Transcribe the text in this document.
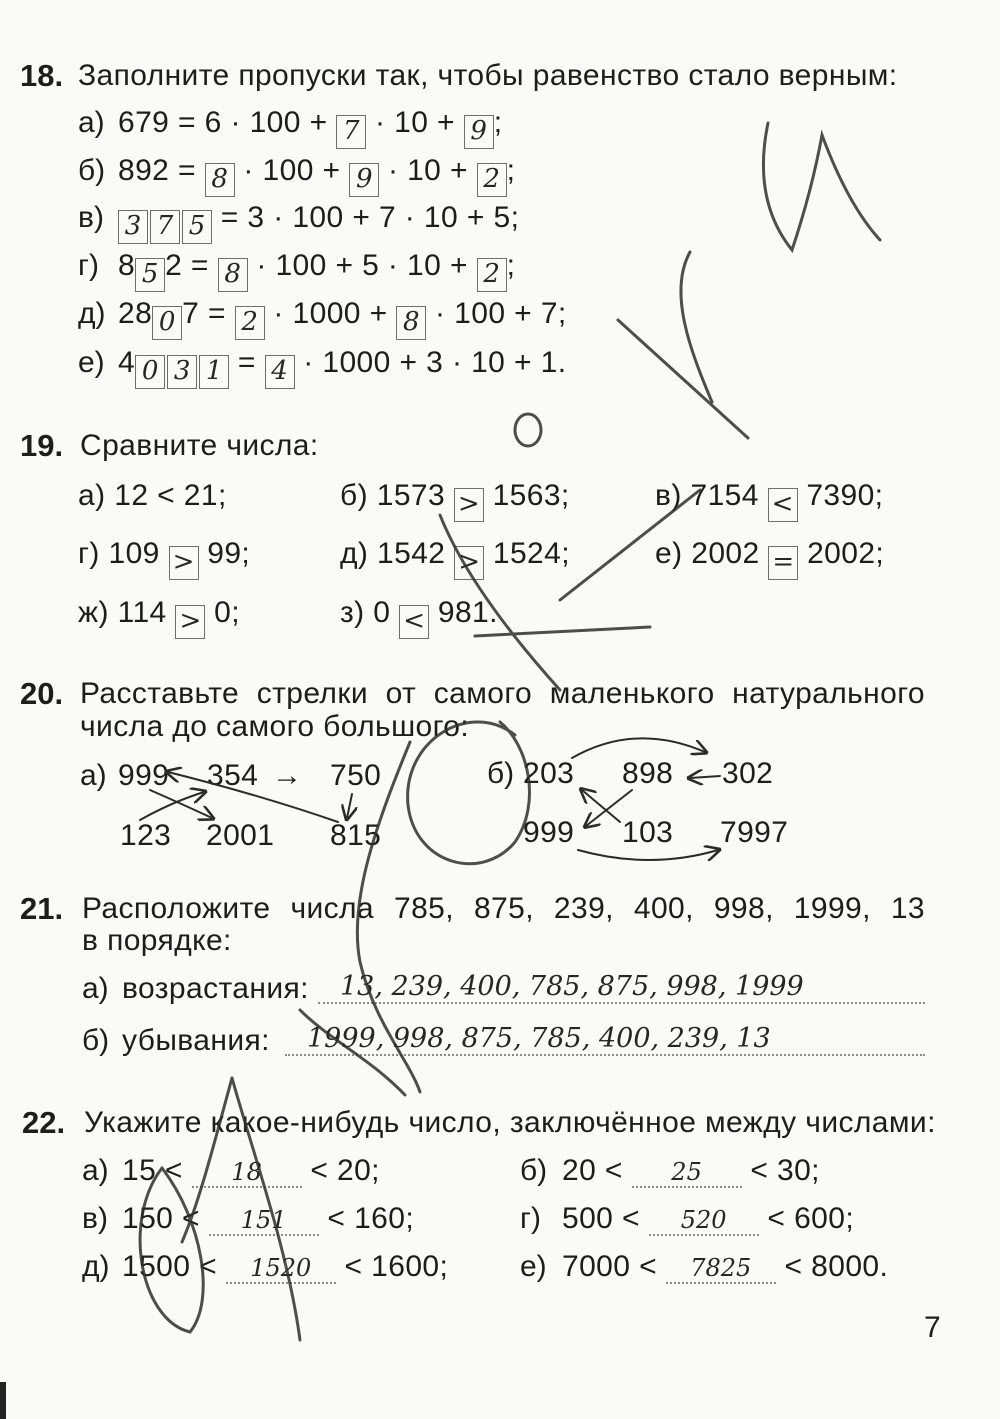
18. Заполните пропуски так, чтобы равенство стало верным:
а) 679 = 6 · 100 + 7 · 10 + 9 ;
б) 892 = 8 · 100 + 9 · 10 + 2 ;
в) 3 7 5 = 3 · 100 + 7 · 10 + 5;
г) 8 5 2 = 8 · 100 + 5 · 10 + 2 ;
д) 28 0 7 = 2 · 1000 + 8 · 100 + 7;
е) 4 0 3 1 = 4 · 1000 + 3 · 10 + 1.
19. Сравните числа:
а) 12 < 21;	б) 1573 > 1563;	в) 7154 < 7390;
г) 109 > 99;	д) 1542 > 1524;	е) 2002 = 2002;
ж) 114 > 0;	з) 0 < 981.
20. Расставьте стрелки от самого маленького натурального
числа до самого большого:
а) 999 354 → 750
123 2001 815
б) 203 898 302
999 103 7997
21. Расположите числа 785, 875, 239, 400, 998, 1999, 13
в порядке:
а) возрастания:	13, 239, 400, 785, 875, 998, 1999
б) убывания:	1999, 998, 875, 785, 400, 239, 13
22. Укажите какое-нибудь число, заключённое между числами:
а) 15 < 18 < 20;	б) 20 < 25 < 30;
в) 150 < 151 < 160;	г) 500 < 520 < 600;
д) 1500 < 1520 < 1600; е) 7000 < 7825 < 8000.
7
